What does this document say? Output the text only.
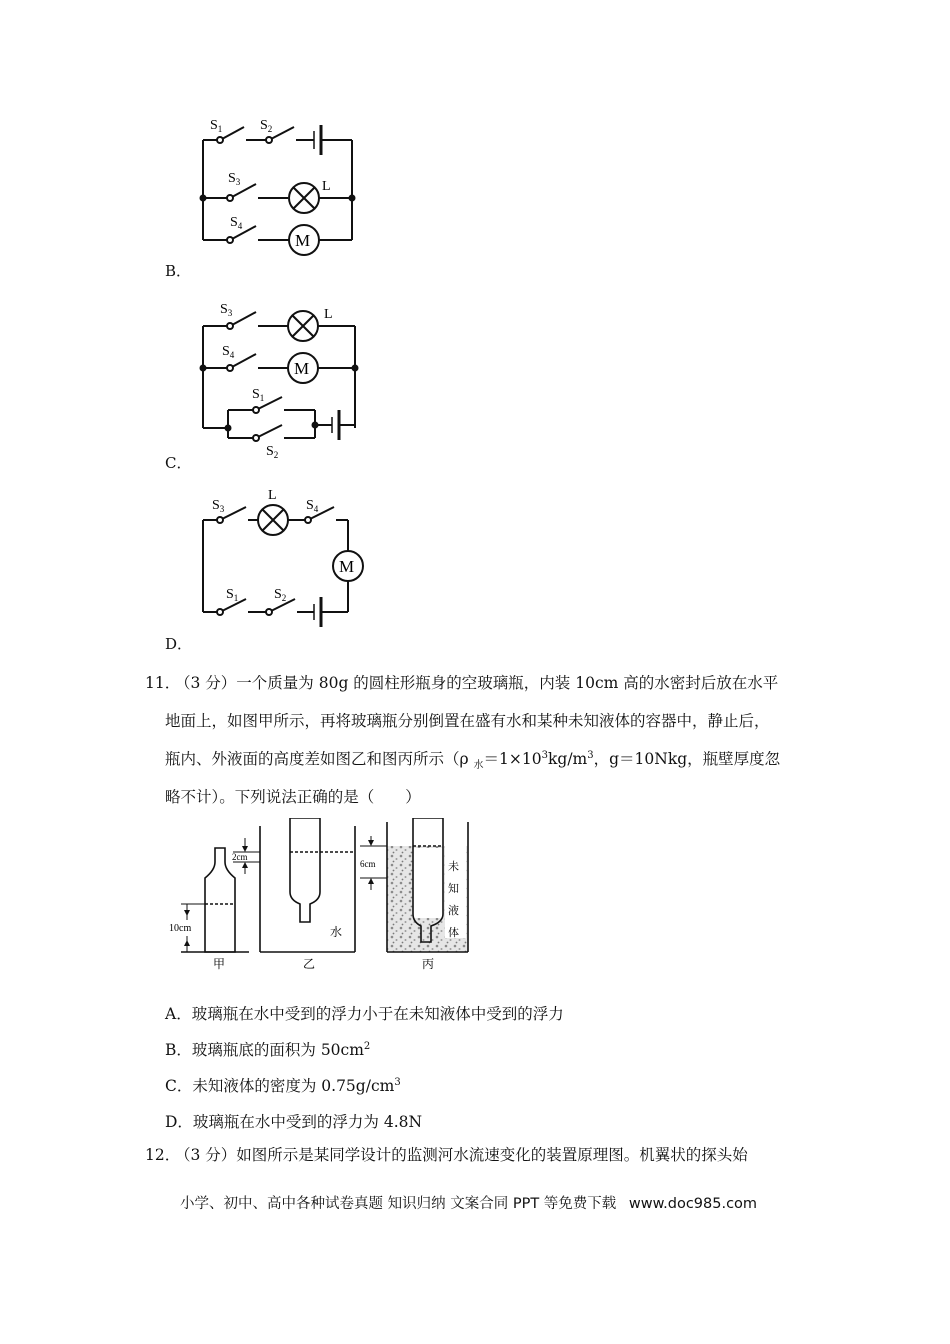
$S_1$	$S_2$
$S_3$
$S_4$
L
M
B．
$S_3$
$S_4$
$S_1$
$S_2$
L
M
C．
$S_3$
L
$S_4$
M
$S_1$	$S_2$
D．
11．
（3 分）一个质量为 80g 的圆柱形瓶身的空玻璃瓶，内装 10cm 高的水密封后放在水平
地面上，如图甲所示，再将玻璃瓶分别倒置在盛有水和某种未知液体的容器中，静止后，
瓶内、外液面的高度差如图乙和图丙所示（ρ $_水=1\times 10^3kg/m^3$，g＝10Nkg，瓶壁厚度忽
略不计）。下列说法正确的是（　　）
10cm
甲
2cm
水
乙
6cm	未
知
液
体
丙
A．玻璃瓶在水中受到的浮力小于在未知液体中受到的浮力
B．玻璃瓶底的面积为 $50cm^2$
C．未知液体的密度为 $0.75g/cm^3$
D．玻璃瓶在水中受到的浮力为 4.8N
12．
（3 分）如图所示是某同学设计的监测河水流速变化的装置原理图。机翼状的探头始
小学、初中、高中各种试卷真题 知识归纳 文案合同 PPT 等免费下载 www.doc985.com
